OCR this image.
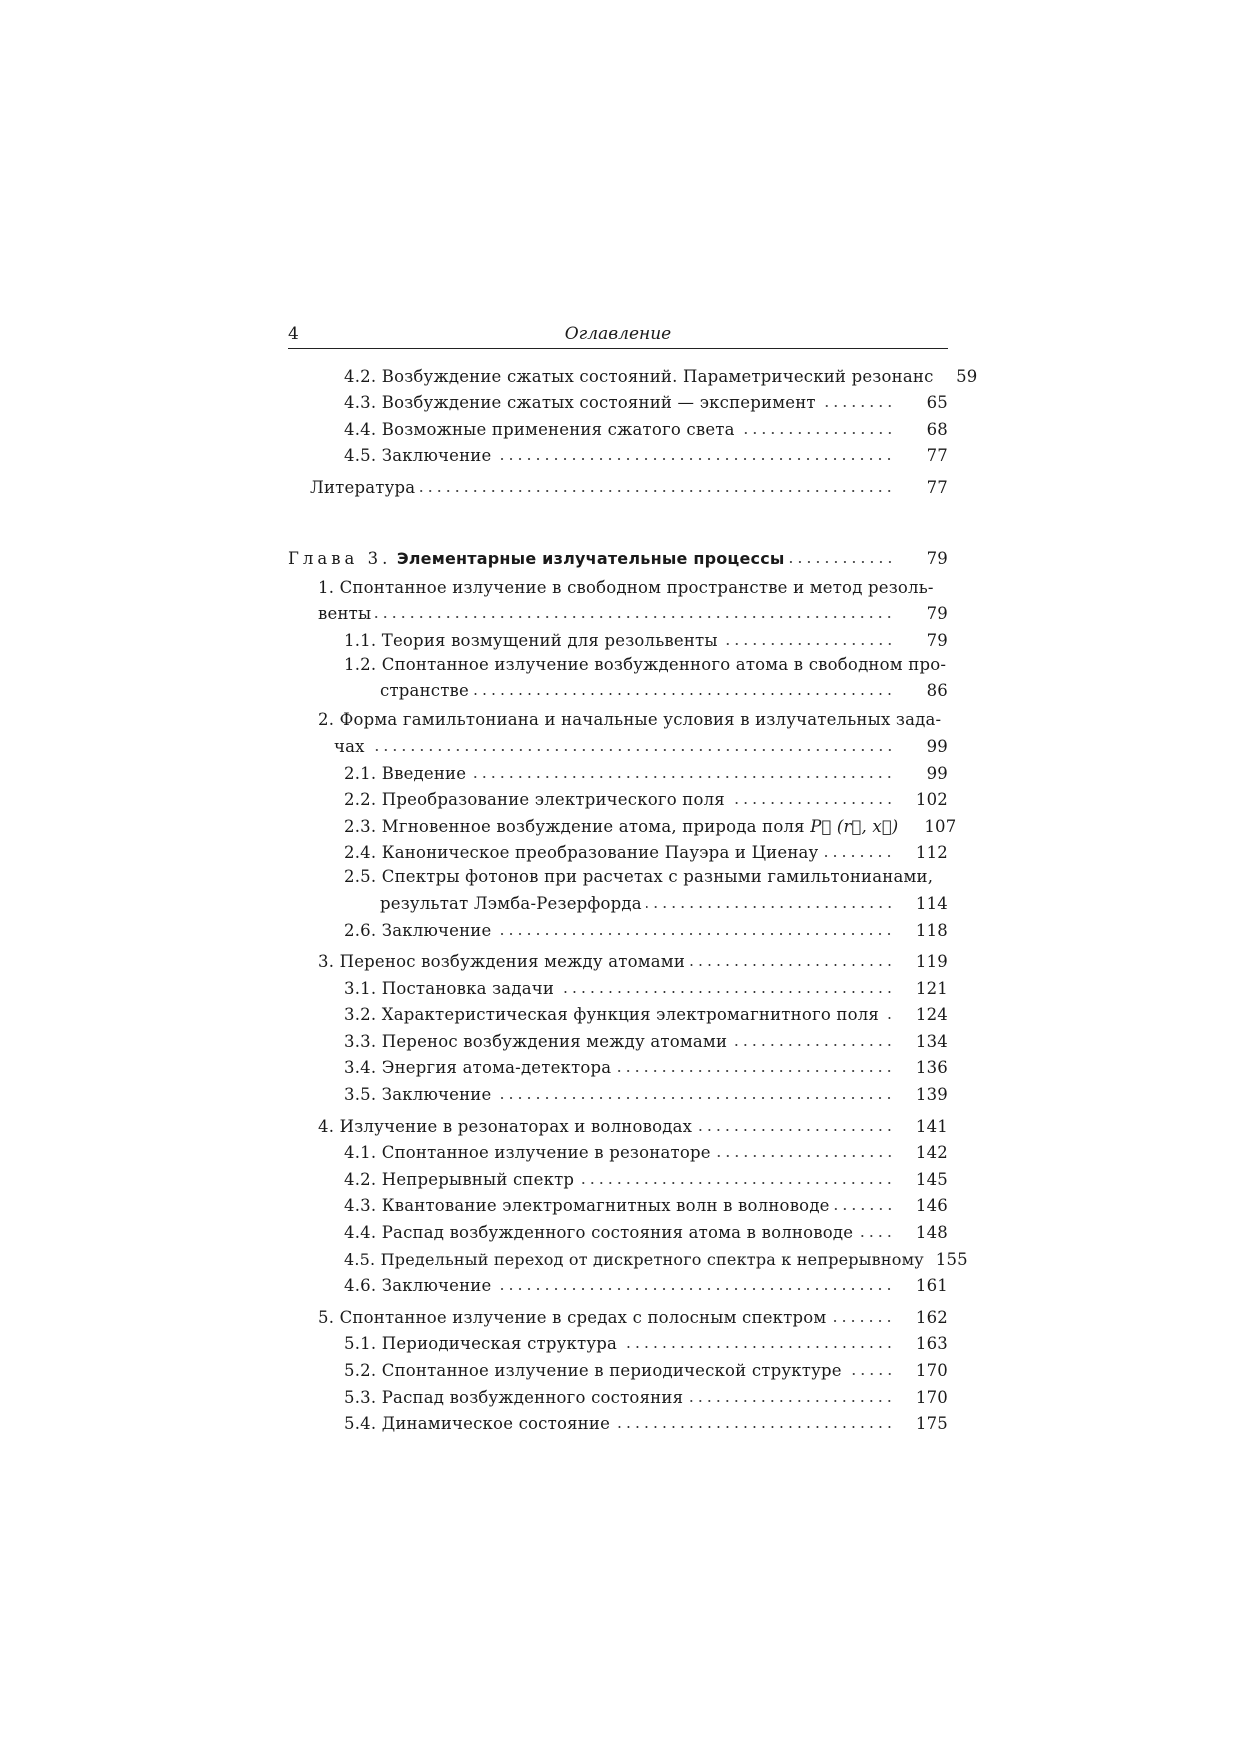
4	Оглавление
4.2. Возбуждение сжатых состояний. Параметрический резонанс	59
4.3. Возбуждение сжатых состояний — эксперимент	65
4.4. Возможные применения сжатого света	68
4.5. Заключение	77
Литература	77
Глава 3. Элементарные излучательные процессы	79
1.
Спонтанное излучение в свободном пространстве и метод резоль-
венты	79
1.1. Теория возмущений для резольвенты	79
1.2.
Спонтанное излучение возбужденного атома в свободном про-
странстве	86
2.
Форма гамильтониана и начальные условия в излучательных зада-
чах	99
2.1. Введение	99
2.2. Преобразование электрического поля	102
2.3. Мгновенное возбуждение атома, природа поля P⃗ (r⃗, x⃗)	107
2.4. Каноническое преобразование Пауэра и Циенау	112
2.5.
Спектры фотонов при расчетах с разными гамильтонианами,
результат Лэмба-Резерфорда	114
2.6. Заключение	118
3. Перенос возбуждения между атомами	119
3.1. Постановка задачи	121
3.2. Характеристическая функция электромагнитного поля	124
3.3. Перенос возбуждения между атомами	134
3.4. Энергия атома-детектора	136
3.5. Заключение	139
4. Излучение в резонаторах и волноводах	141
4.1. Спонтанное излучение в резонаторе	142
4.2. Непрерывный спектр	145
4.3. Квантование электромагнитных волн в волноводе	146
4.4. Распад возбужденного состояния атома в волноводе	148
4.5. Предельный переход от дискретного спектра к непрерывному 155
4.6. Заключение	161
5. Спонтанное излучение в средах с полосным спектром	162
5.1. Периодическая структура	163
5.2. Спонтанное излучение в периодической структуре	170
5.3. Распад возбужденного состояния	170
5.4. Динамическое состояние	175
